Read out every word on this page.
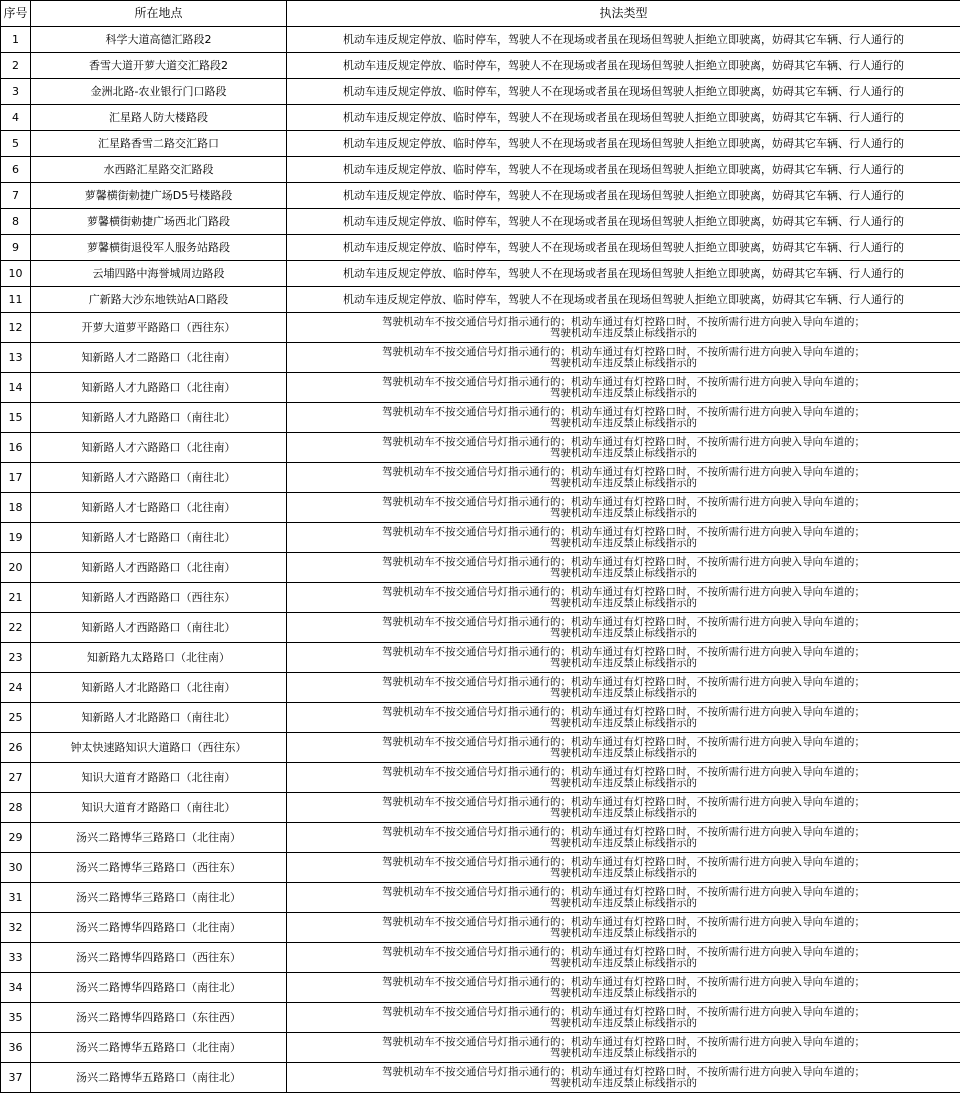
序号	所在地点	执法类型
1	科学大道高德汇路段2	机动车违反规定停放、临时停车，驾驶人不在现场或者虽在现场但驾驶人拒绝立即驶离，妨碍其它车辆、行人通行的
2	香雪大道开萝大道交汇路段2	机动车违反规定停放、临时停车，驾驶人不在现场或者虽在现场但驾驶人拒绝立即驶离，妨碍其它车辆、行人通行的
3	金洲北路-农业银行门口路段	机动车违反规定停放、临时停车，驾驶人不在现场或者虽在现场但驾驶人拒绝立即驶离，妨碍其它车辆、行人通行的
4	汇星路人防大楼路段	机动车违反规定停放、临时停车，驾驶人不在现场或者虽在现场但驾驶人拒绝立即驶离，妨碍其它车辆、行人通行的
5	汇星路香雪二路交汇路口	机动车违反规定停放、临时停车，驾驶人不在现场或者虽在现场但驾驶人拒绝立即驶离，妨碍其它车辆、行人通行的
6	水西路汇星路交汇路段	机动车违反规定停放、临时停车，驾驶人不在现场或者虽在现场但驾驶人拒绝立即驶离，妨碍其它车辆、行人通行的
7	萝馨横街勅捷广场D5号楼路段	机动车违反规定停放、临时停车，驾驶人不在现场或者虽在现场但驾驶人拒绝立即驶离，妨碍其它车辆、行人通行的
8	萝馨横街勅捷广场西北门路段	机动车违反规定停放、临时停车，驾驶人不在现场或者虽在现场但驾驶人拒绝立即驶离，妨碍其它车辆、行人通行的
9	萝馨横街退役军人服务站路段	机动车违反规定停放、临时停车，驾驶人不在现场或者虽在现场但驾驶人拒绝立即驶离，妨碍其它车辆、行人通行的
10	云埔四路中海誉城周边路段	机动车违反规定停放、临时停车，驾驶人不在现场或者虽在现场但驾驶人拒绝立即驶离，妨碍其它车辆、行人通行的
11	广新路大沙东地铁站A口路段	机动车违反规定停放、临时停车，驾驶人不在现场或者虽在现场但驾驶人拒绝立即驶离，妨碍其它车辆、行人通行的
12	开萝大道萝平路路口（西往东）	驾驶机动车不按交通信号灯指示通行的；机动车通过有灯控路口时，不按所需行进方向驶入导向车道的；
驾驶机动车违反禁止标线指示的

13	知新路人才二路路口（北往南）	驾驶机动车不按交通信号灯指示通行的；机动车通过有灯控路口时，不按所需行进方向驶入导向车道的；
驾驶机动车违反禁止标线指示的

14	知新路人才九路路口（北往南）	驾驶机动车不按交通信号灯指示通行的；机动车通过有灯控路口时，不按所需行进方向驶入导向车道的；
驾驶机动车违反禁止标线指示的

15	知新路人才九路路口（南往北）	驾驶机动车不按交通信号灯指示通行的；机动车通过有灯控路口时，不按所需行进方向驶入导向车道的；
驾驶机动车违反禁止标线指示的

16	知新路人才六路路口（北往南）	驾驶机动车不按交通信号灯指示通行的；机动车通过有灯控路口时，不按所需行进方向驶入导向车道的；
驾驶机动车违反禁止标线指示的

17	知新路人才六路路口（南往北）	驾驶机动车不按交通信号灯指示通行的；机动车通过有灯控路口时，不按所需行进方向驶入导向车道的；
驾驶机动车违反禁止标线指示的

18	知新路人才七路路口（北往南）	驾驶机动车不按交通信号灯指示通行的；机动车通过有灯控路口时，不按所需行进方向驶入导向车道的；
驾驶机动车违反禁止标线指示的

19	知新路人才七路路口（南往北）	驾驶机动车不按交通信号灯指示通行的；机动车通过有灯控路口时，不按所需行进方向驶入导向车道的；
驾驶机动车违反禁止标线指示的

20	知新路人才西路路口（北往南）	驾驶机动车不按交通信号灯指示通行的；机动车通过有灯控路口时，不按所需行进方向驶入导向车道的；
驾驶机动车违反禁止标线指示的

21	知新路人才西路路口（西往东）	驾驶机动车不按交通信号灯指示通行的；机动车通过有灯控路口时，不按所需行进方向驶入导向车道的；
驾驶机动车违反禁止标线指示的

22	知新路人才西路路口（南往北）	驾驶机动车不按交通信号灯指示通行的；机动车通过有灯控路口时，不按所需行进方向驶入导向车道的；
驾驶机动车违反禁止标线指示的

23	知新路九太路路口（北往南）	驾驶机动车不按交通信号灯指示通行的；机动车通过有灯控路口时，不按所需行进方向驶入导向车道的；
驾驶机动车违反禁止标线指示的

24	知新路人才北路路口（北往南）	驾驶机动车不按交通信号灯指示通行的；机动车通过有灯控路口时，不按所需行进方向驶入导向车道的；
驾驶机动车违反禁止标线指示的

25	知新路人才北路路口（南往北）	驾驶机动车不按交通信号灯指示通行的；机动车通过有灯控路口时，不按所需行进方向驶入导向车道的；
驾驶机动车违反禁止标线指示的

26	钟太快速路知识大道路口（西往东）	驾驶机动车不按交通信号灯指示通行的；机动车通过有灯控路口时，不按所需行进方向驶入导向车道的；
驾驶机动车违反禁止标线指示的

27	知识大道育才路路口（北往南）	驾驶机动车不按交通信号灯指示通行的；机动车通过有灯控路口时，不按所需行进方向驶入导向车道的；
驾驶机动车违反禁止标线指示的

28	知识大道育才路路口（南往北）	驾驶机动车不按交通信号灯指示通行的；机动车通过有灯控路口时，不按所需行进方向驶入导向车道的；
驾驶机动车违反禁止标线指示的

29	汤兴二路博华三路路口（北往南）	驾驶机动车不按交通信号灯指示通行的；机动车通过有灯控路口时，不按所需行进方向驶入导向车道的；
驾驶机动车违反禁止标线指示的

30	汤兴二路博华三路路口（西往东）	驾驶机动车不按交通信号灯指示通行的；机动车通过有灯控路口时，不按所需行进方向驶入导向车道的；
驾驶机动车违反禁止标线指示的

31	汤兴二路博华三路路口（南往北）	驾驶机动车不按交通信号灯指示通行的；机动车通过有灯控路口时，不按所需行进方向驶入导向车道的；
驾驶机动车违反禁止标线指示的

32	汤兴二路博华四路路口（北往南）	驾驶机动车不按交通信号灯指示通行的；机动车通过有灯控路口时，不按所需行进方向驶入导向车道的；
驾驶机动车违反禁止标线指示的

33	汤兴二路博华四路路口（西往东）	驾驶机动车不按交通信号灯指示通行的；机动车通过有灯控路口时，不按所需行进方向驶入导向车道的；
驾驶机动车违反禁止标线指示的

34	汤兴二路博华四路路口（南往北）	驾驶机动车不按交通信号灯指示通行的；机动车通过有灯控路口时，不按所需行进方向驶入导向车道的；
驾驶机动车违反禁止标线指示的

35	汤兴二路博华四路路口（东往西）	驾驶机动车不按交通信号灯指示通行的；机动车通过有灯控路口时，不按所需行进方向驶入导向车道的；
驾驶机动车违反禁止标线指示的

36	汤兴二路博华五路路口（北往南）	驾驶机动车不按交通信号灯指示通行的；机动车通过有灯控路口时，不按所需行进方向驶入导向车道的；
驾驶机动车违反禁止标线指示的

37	汤兴二路博华五路路口（南往北）	驾驶机动车不按交通信号灯指示通行的；机动车通过有灯控路口时，不按所需行进方向驶入导向车道的；
驾驶机动车违反禁止标线指示的
